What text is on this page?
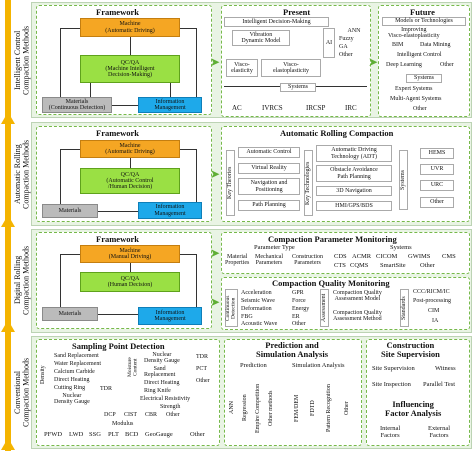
Intelligent Control
Compaction Methods
Automatic Rolling
Compaction Methods
Digital Rolling
Compaction Methods
Conventional
Compaction Methods
Framework
Machine
(Automatic Driving)
QC/QA
(Machine Intelligent
Decision-Making)
Materials
(Continuous Detection)
Information
Management
➤
Present
Intelligent Decision-Making
Vibration
Dynamic Model
Visco-
elasticity
Visco-
elastoplasticity
AI
ANN
Fuzzy
GA
Other
Systems
AC	IVRCS	IRCSP	IRC
➤
Future
Models or Technologies
Improving
Visco-elastoplasticity
BIM	Data Mining
Intelligent Control
Deep Learning	Other
Systems
Expert Systems
Multi-Agent Systems
Other
Framework
Machine
(Automatic Driving)
QC/QA
(Automatic Control
/Human Decision)
Materials
Information
Management
➤
Automatic Rolling Compaction
Key Theories
Automatic Control
Virtual Reality
Navigation and
Positioning
Path Planning
Key Technologies
Automatic Driving
Technology (ADT)
Obstacle Avoidance
Path Planning
3D Navigation
HMI/GPS/BDS
Systems
HEMS
UVR
URC
Other
Framework
Machine
(Manual Driving)
QC/QA
(Human Decision)
Materials	Information
Management
➤
➤
Compaction Parameter Monitoring
Parameter Type
Material
Properties
Mechanical
Parameters
Construction
Parameters
Systems
CDS ACMR CICOM GWIMS CMS
CTS CQMS SmartSite Other
Compaction Quality Monitoring
Continuous
Detection
Acceleration	GPR
Seismic Wave	Force
Deformation	Energy
FBG	ER
Acoustic Wave Other
Assessment
Compaction Quality
Assessment Model
Compaction Quality
Assessment Method	Standards
CCC/RICM/IC
Post-processing
CIM
IA
Sampling Point Detection
Density
Sand Replacement
Water Replacement
Calcium Carbide
Direct Heating
Cutting Ring
Nuclear
Density Gauge
Moisture
Content
Nuclear
Density Gauge
Sand
Replacement
Direct Heating
Ring Knife
Electrical Resistivity
TDR
PCT
Other
TDR
Strength
DCP CIST CBR Other
Modulus
PFWD LWD SSG PLT BCD GeoGauge	Other
Prediction and
Simulation Analysis
Prediction	Simulation Analysis
ANN	Regression	Empire Competition	Other methods	FEM/DEM	FDTD	Pattern Recognition	Other
Construction
Site Supervision
Site Supervision	Witness
Site Inspection Parallel Test
Influencing
Factor Analysis
Internal
Factors
External
Factors
